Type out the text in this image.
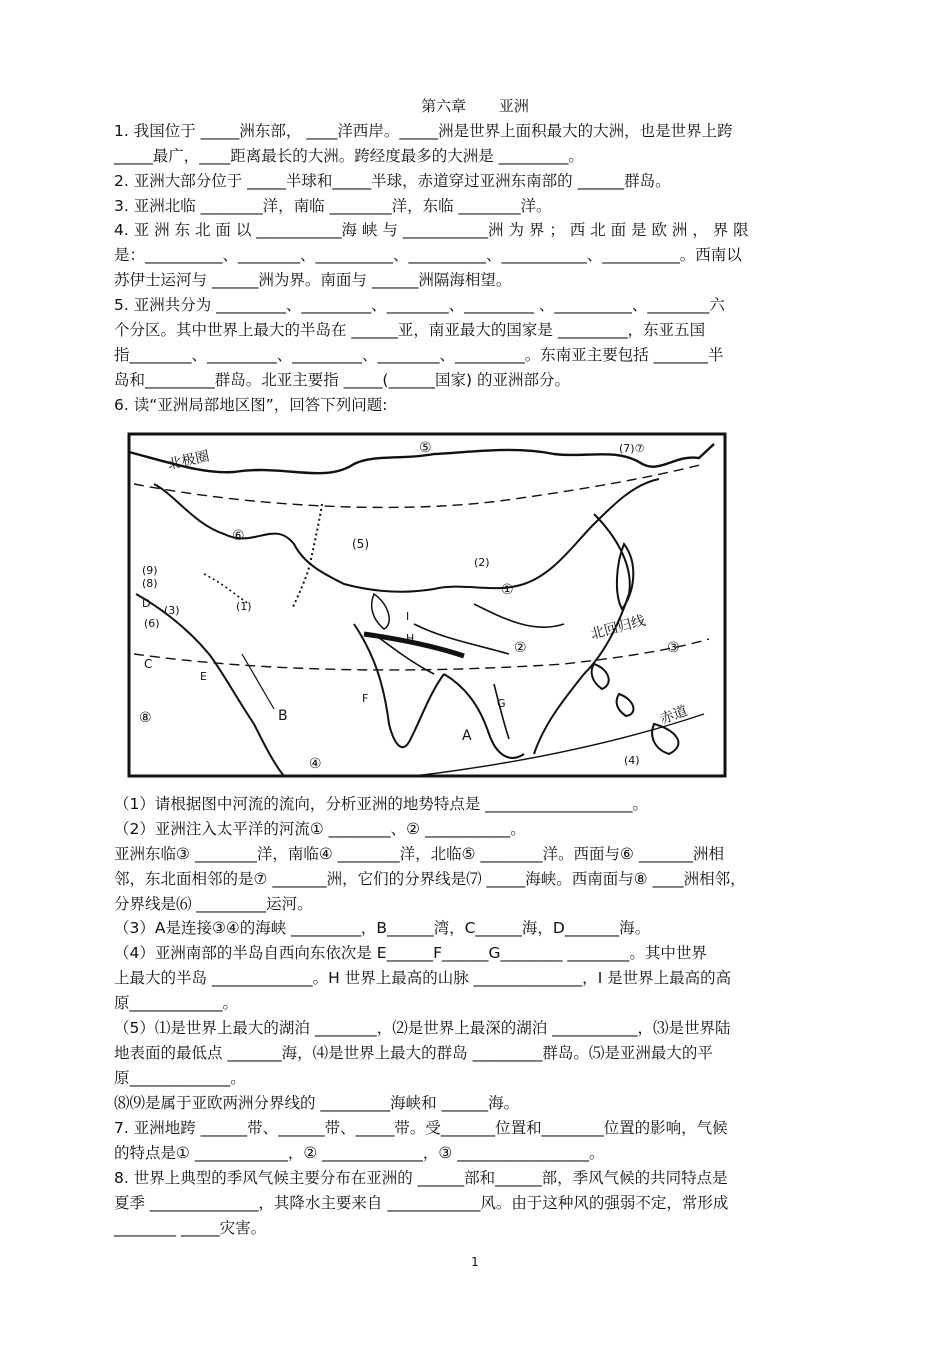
第六章 亚洲
1. 我国位于 _____洲东部， ____洋西岸。_____洲是世界上面积最大的大洲，也是世界上跨
_____最广，____距离最长的大洲。跨经度最多的大洲是 _________。
2. 亚洲大部分位于 _____半球和_____半球，赤道穿过亚洲东南部的 ______群岛。
3. 亚洲北临 ________洋，南临 ________洋，东临 ________洋。
4. 亚 洲 东 北 面 以 ___________海 峡 与 ___________洲 为 界 ； 西 北 面 是 欧 洲 ， 界 限
是：__________、________、__________、__________、___________、__________。西南以
苏伊士运河与 ______洲为界。南面与 ______洲隔海相望。
5. 亚洲共分为 _________、_________、________、_________ 、__________、________六
个分区。其中世界上最大的半岛在 ______亚，南亚最大的国家是 _________，东亚五国
指________、_________、_________、________、_________。东南亚主要包括 _______半
岛和_________群岛。北亚主要指 _____(______国家) 的亚洲部分。
6. 读“亚洲局部地区图”，回答下列问题:
北极圈
北回归线
赤道
⑤	(7)⑦
⑥	(5)
(2)
①
②	③
④	(4)
⑧
(9)
(8)
(3)
(6)
(1)
D
C
E
B
F	G
A
I
H
（1）请根据图中河流的流向，分析亚洲的地势特点是 ___________________。
（2）亚洲注入太平洋的河流① ________、② ___________。
亚洲东临③ ________洋，南临④ ________洋，北临⑤ ________洋。西面与⑥ _______洲相
邻，东北面相邻的是⑦ _______洲，它们的分界线是⑺ _____海峡。西南面与⑧ ____洲相邻，
分界线是⑹ _________运河。
（3）A是连接③④的海峡 _________，B______湾，C______海，D_______海。
（4）亚洲南部的半岛自西向东依次是 E______F______G________ ________。其中世界
上最大的半岛 _____________。H 世界上最高的山脉 ______________，I 是世界上最高的高
原____________。
（5）⑴是世界上最大的湖泊 ________，⑵是世界上最深的湖泊 ___________，⑶是世界陆
地表面的最低点 _______海，⑷是世界上最大的群岛 _________群岛。⑸是亚洲最大的平
原_____________。
⑻⑼是属于亚欧两洲分界线的 _________海峡和 ______海。
7. 亚洲地跨 ______带、______带、_____带。受_______位置和________位置的影响，气候
的特点是① ____________，② _____________，③ _________________。
8. 世界上典型的季风气候主要分布在亚洲的 ______部和______部，季风气候的共同特点是
夏季 ______________，其降水主要来自 ____________风。由于这种风的强弱不定，常形成
________ _____灾害。
1
